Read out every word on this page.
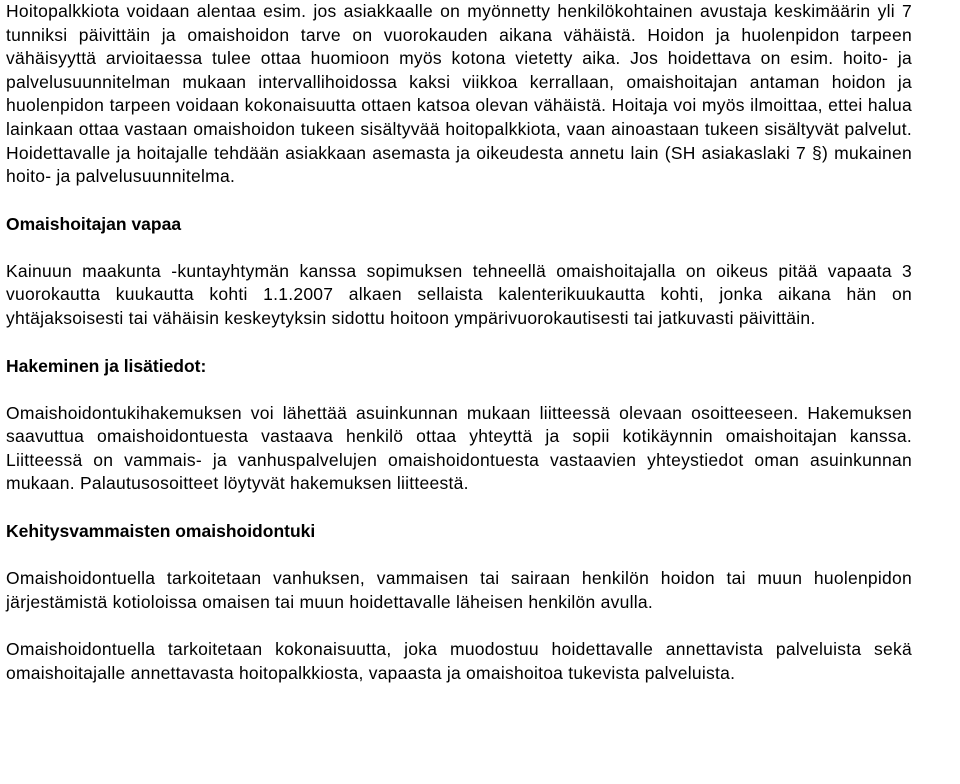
Hoitopalkkiota voidaan alentaa esim. jos asiakkaalle on myönnetty henkilökohtainen avustaja keskimäärin yli 7 tunniksi päivittäin ja omaishoidon tarve on vuorokauden aikana vähäistä. Hoidon ja huolenpidon tarpeen vähäisyyttä arvioitaessa tulee ottaa huomioon myös kotona vietetty aika. Jos hoidettava on esim. hoito- ja palvelusuunnitelman mukaan intervallihoidossa kaksi viikkoa kerrallaan, omaishoitajan antaman hoidon ja huolenpidon tarpeen voidaan kokonaisuutta ottaen katsoa olevan vähäistä. Hoitaja voi myös ilmoittaa, ettei halua lainkaan ottaa vastaan omaishoidon tukeen sisältyvää hoitopalkkiota, vaan ainoastaan tukeen sisältyvät palvelut. Hoidettavalle ja hoitajalle tehdään asiakkaan asemasta ja oikeudesta annetu lain (SH asiakaslaki 7 §) mukainen hoito- ja palvelusuunnitelma.

Omaishoitajan vapaa

Kainuun maakunta -kuntayhtymän kanssa sopimuksen tehneellä omaishoitajalla on oikeus pitää vapaata 3 vuorokautta kuukautta kohti 1.1.2007 alkaen sellaista kalenterikuukautta kohti, jonka aikana hän on yhtäjaksoisesti tai vähäisin keskeytyksin sidottu hoitoon ympärivuorokautisesti tai jatkuvasti päivittäin.

Hakeminen ja lisätiedot:

Omaishoidontukihakemuksen voi lähettää asuinkunnan mukaan liitteessä olevaan osoitteeseen. Hakemuksen saavuttua omaishoidontuesta vastaava henkilö ottaa yhteyttä ja sopii kotikäynnin omaishoitajan kanssa. Liitteessä on vammais- ja vanhuspalvelujen omaishoidontuesta vastaavien yhteystiedot oman asuinkunnan mukaan. Palautusosoitteet löytyvät hakemuksen liitteestä.

Kehitysvammaisten omaishoidontuki

Omaishoidontuella tarkoitetaan vanhuksen, vammaisen tai sairaan henkilön hoidon tai muun huolenpidon järjestämistä kotioloissa omaisen tai muun hoidettavalle läheisen henkilön avulla.

Omaishoidontuella tarkoitetaan kokonaisuutta, joka muodostuu hoidettavalle annettavista palveluista sekä omaishoitajalle annettavasta hoitopalkkiosta, vapaasta ja omaishoitoa tukevista palveluista.
